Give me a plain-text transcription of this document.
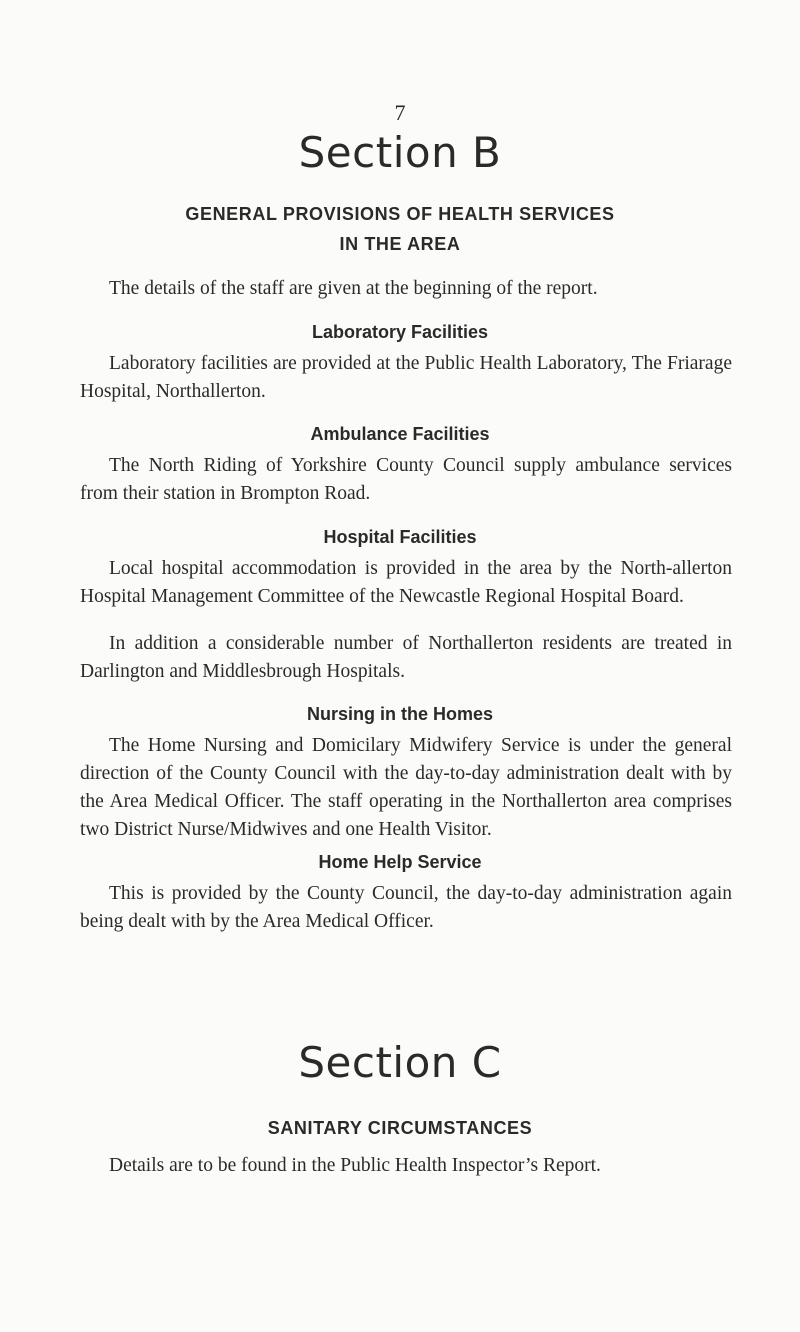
7
Section B
GENERAL PROVISIONS OF HEALTH SERVICES
IN THE AREA
The details of the staff are given at the beginning of the report.
Laboratory Facilities
Laboratory facilities are provided at the Public Health Laboratory, The Friarage Hospital, Northallerton.
Ambulance Facilities
The North Riding of Yorkshire County Council supply ambulance services from their station in Brompton Road.
Hospital Facilities
Local hospital accommodation is provided in the area by the North-allerton Hospital Management Committee of the Newcastle Regional Hospital Board.
In addition a considerable number of Northallerton residents are treated in Darlington and Middlesbrough Hospitals.
Nursing in the Homes
The Home Nursing and Domicilary Midwifery Service is under the general direction of the County Council with the day-to-day administration dealt with by the Area Medical Officer. The staff operating in the Northallerton area comprises two District Nurse/Midwives and one Health Visitor.
Home Help Service
This is provided by the County Council, the day-to-day administration again being dealt with by the Area Medical Officer.
Section C
SANITARY CIRCUMSTANCES
Details are to be found in the Public Health Inspector’s Report.
